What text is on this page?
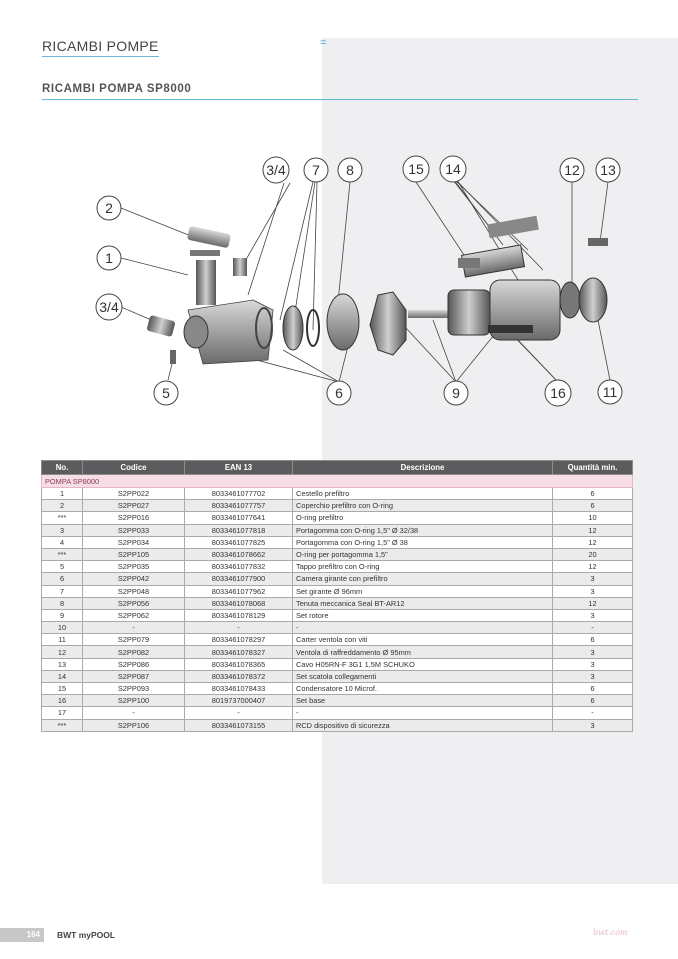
RICAMBI POMPE	=
RICAMBI POMPA SP8000
3/4 7 8	15 14	12 13
2
1
3/4
5	6	9	16	11
No.	Codice	EAN 13	Descrizione	Quantità min.
POMPA SP8000				
1	S2PP022	8033461077702	Cestello prefiltro	6
2	S2PP027	8033461077757	Coperchio prefiltro con O-ring	6
***	S2PP016	8033461077641	O-ring prefiltro	10
3	S2PP033	8033461077818	Portagomma con O-ring 1,5" Ø 32/38	12
4	S2PP034	8033461077825	Portagomma con O-ring 1,5" Ø 38	12
***	S2PP105	8033461078662	O-ring per portagomma 1,5"	20
5	S2PP035	8033461077832	Tappo prefiltro con O-ring	12
6	S2PP042	8033461077900	Camera girante con prefiltro	3
7	S2PP048	8033461077962	Set girante Ø 96mm	3
8	S2PP056	8033461078068	Tenuta meccanica Seal BT-AR12	12
9	S2PP062	8033461078129	Set rotore	3
10	-	-	-	-
11	S2PP079	8033461078297	Carter ventola con viti	6
12	S2PP082	8033461078327	Ventola di raffreddamento Ø 95mm	3
13	S2PP086	8033461078365	Cavo H05RN-F 3G1 1,5M SCHUKO	3
14	S2PP087	8033461078372	Set scatola collegamenti	3
15	S2PP093	8033461078433	Condensatore 10 Microf.	6
16	S2PP100	8019737000407	Set base	6
17	-	-	-	-
***	S2PP106	8033461073155	RCD dispositivo di sicurezza	3
164	BWT myPOOL	bwt.com
